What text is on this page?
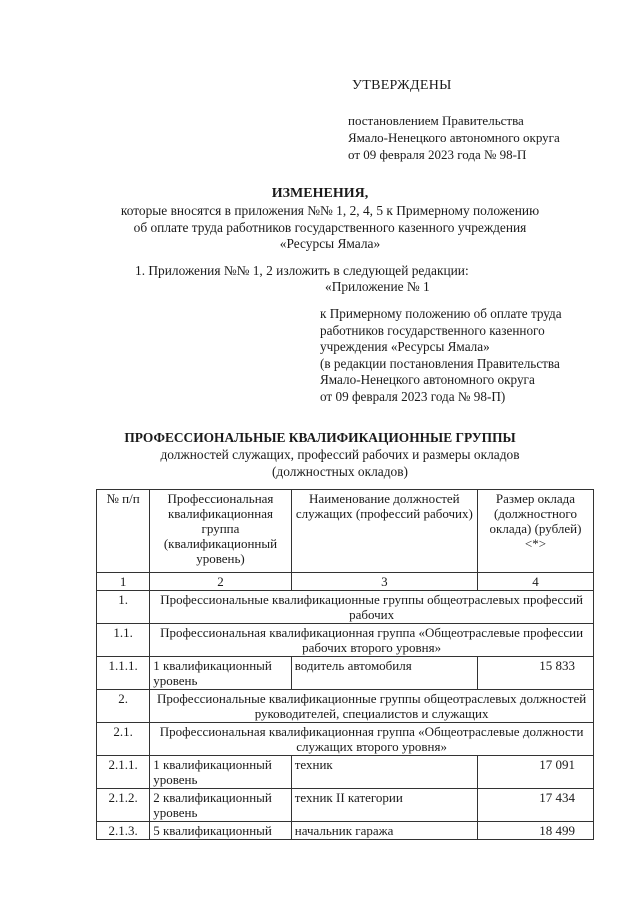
УТВЕРЖДЕНЫ
постановлением Правительства
Ямало-Ненецкого автономного округа
от 09 февраля 2023 года № 98-П
ИЗМЕНЕНИЯ,
которые вносятся в приложения №№ 1, 2, 4, 5 к Примерному положению
об оплате труда работников государственного казенного учреждения
«Ресурсы Ямала»
1. Приложения №№ 1, 2 изложить в следующей редакции:
«Приложение № 1
к Примерному положению об оплате труда
работников государственного казенного
учреждения «Ресурсы Ямала»
(в редакции постановления Правительства
Ямало-Ненецкого автономного округа
от 09 февраля 2023 года № 98-П)
ПРОФЕССИОНАЛЬНЫЕ КВАЛИФИКАЦИОННЫЕ ГРУППЫ
должностей служащих, профессий рабочих и размеры окладов
(должностных окладов)
№ п/п	Профессиональная квалификационная группа (квалификационный уровень)	Наименование должностей служащих (профессий рабочих)	Размер оклада (должностного оклада) (рублей) <*>
1	2	3	4
1.	Профессиональные квалификационные группы общеотраслевых профессий рабочих		
1.1.	Профессиональная квалификационная группа «Общеотраслевые профессии рабочих второго уровня»		
1.1.1.	1 квалификационный уровень	водитель автомобиля	15 833
2.	Профессиональные квалификационные группы общеотраслевых должностей руководителей, специалистов и служащих		
2.1.	Профессиональная квалификационная группа «Общеотраслевые должности служащих второго уровня»		
2.1.1.	1 квалификационный уровень	техник	17 091
2.1.2.	2 квалификационный уровень	техник II категории	17 434
2.1.3.	5 квалификационный	начальник гаража	18 499
